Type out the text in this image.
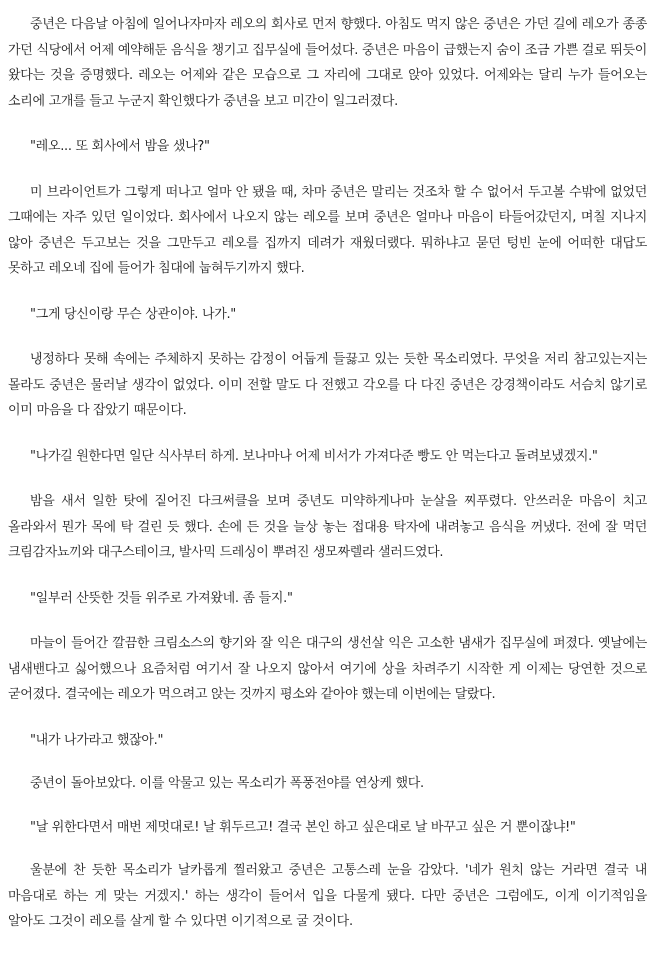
중년은 다음날 아침에 일어나자마자 레오의 회사로 먼저 향했다. 아침도 먹지 않은 중년은 가던 길에 레오가 종종 가던 식당에서 어제 예약해둔 음식을 챙기고 집무실에 들어섰다. 중년은 마음이 급했는지 숨이 조금 가쁜 걸로 뛰듯이 왔다는 것을 증명했다. 레오는 어제와 같은 모습으로 그 자리에 그대로 앉아 있었다. 어제와는 달리 누가 들어오는 소리에 고개를 들고 누군지 확인했다가 중년을 보고 미간이 일그러졌다.

"레오... 또 회사에서 밤을 샜나?"

미 브라이언트가 그렇게 떠나고 얼마 안 됐을 때, 차마 중년은 말리는 것조차 할 수 없어서 두고볼 수밖에 없었던 그때에는 자주 있던 일이었다. 회사에서 나오지 않는 레오를 보며 중년은 얼마나 마음이 타들어갔던지, 며칠 지나지 않아 중년은 두고보는 것을 그만두고 레오를 집까지 데려가 재웠더랬다. 뭐하냐고 묻던 텅빈 눈에 어떠한 대답도 못하고 레오네 집에 들어가 침대에 눕혀두기까지 했다.

"그게 당신이랑 무슨 상관이야. 나가."

냉정하다 못해 속에는 주체하지 못하는 감정이 어둡게 들끓고 있는 듯한 목소리였다. 무엇을 저리 참고있는지는 몰라도 중년은 물러날 생각이 없었다. 이미 전할 말도 다 전했고 각오를 다 다진 중년은 강경책이라도 서슴치 않기로 이미 마음을 다 잡았기 때문이다.

"나가길 원한다면 일단 식사부터 하게. 보나마나 어제 비서가 가져다준 빵도 안 먹는다고 돌려보냈겠지."

밤을 새서 일한 탓에 짙어진 다크써클을 보며 중년도 미약하게나마 눈살을 찌푸렸다. 안쓰러운 마음이 치고 올라와서 뭔가 목에 탁 걸린 듯 했다. 손에 든 것을 늘상 놓는 접대용 탁자에 내려놓고 음식을 꺼냈다. 전에 잘 먹던 크림감자뇨끼와 대구스테이크, 발사믹 드레싱이 뿌려진 생모짜렐라 샐러드였다.

"일부러 산뜻한 것들 위주로 가져왔네. 좀 들지."

마늘이 들어간 깔끔한 크림소스의 향기와 잘 익은 대구의 생선살 익은 고소한 냄새가 집무실에 퍼졌다. 옛날에는 냄새밴다고 싫어했으나 요즘처럼 여기서 잘 나오지 않아서 여기에 상을 차려주기 시작한 게 이제는 당연한 것으로 굳어졌다. 결국에는 레오가 먹으려고 앉는 것까지 평소와 같아야 했는데 이번에는 달랐다.

"내가 나가라고 했잖아."

중년이 돌아보았다. 이를 악물고 있는 목소리가 폭풍전야를 연상케 했다.

"날 위한다면서 매번 제멋대로! 날 휘두르고! 결국 본인 하고 싶은대로 날 바꾸고 싶은 거 뿐이잖냐!"

울분에 찬 듯한 목소리가 날카롭게 찔러왔고 중년은 고통스레 눈을 감았다. '네가 원치 않는 거라면 결국 내 마음대로 하는 게 맞는 거겠지.' 하는 생각이 들어서 입을 다물게 됐다. 다만 중년은 그럼에도, 이게 이기적임을 알아도 그것이 레오를 살게 할 수 있다면 이기적으로 굴 것이다.
